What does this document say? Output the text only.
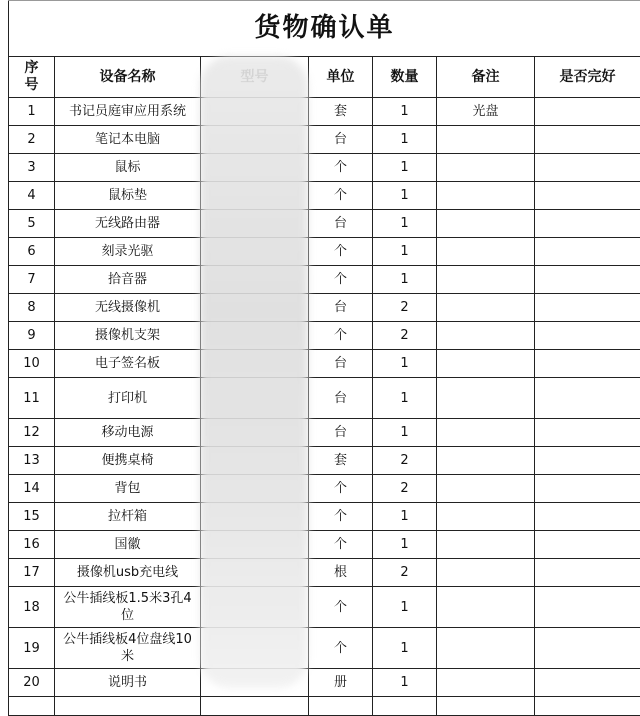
货物确认单						
序号	设备名称		单位	数量	备注	是否完好
1	书记员庭审应用系统		套	1	光盘	
2	笔记本电脑		台	1		
3	鼠标		个	1		
4	鼠标垫		个	1		
5	无线路由器		台	1		
6	刻录光驱		个	1		
7	拾音器		个	1		
8	无线摄像机		台	2		
9	摄像机支架		个	2		
10	电子签名板		台	1		
11	打印机		台	1		
12	移动电源		台	1		
13	便携桌椅		套	2		
14	背包		个	2		
15	拉杆箱		个	1		
16	国徽		个	1		
17	摄像机usb充电线		根	2		
18	公牛插线板1.5米3孔4位		个	1		
19	公牛插线板4位盘线10米		个	1		
20	说明书		册	1		
